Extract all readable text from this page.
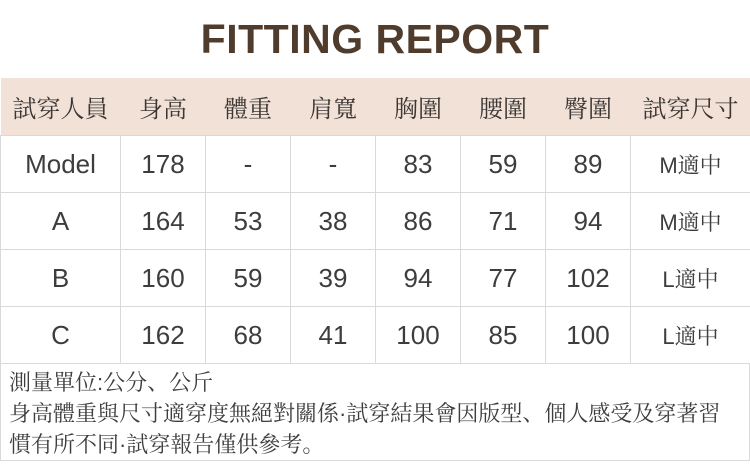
FITTING REPORT
試穿人員	身高	體重	肩寬	胸圍	腰圍	臀圍	試穿尺寸
Model	178	-	-	83	59	89	M適中
A	164	53	38	86	71	94	M適中
B	160	59	39	94	77	102	L適中
C	162	68	41	100	85	100	L適中

測量單位:公分、公斤

身高體重與尺寸適穿度無絕對關係·試穿結果會因版型、個人感受及穿著習慣有所不同·試穿報告僅供參考。
